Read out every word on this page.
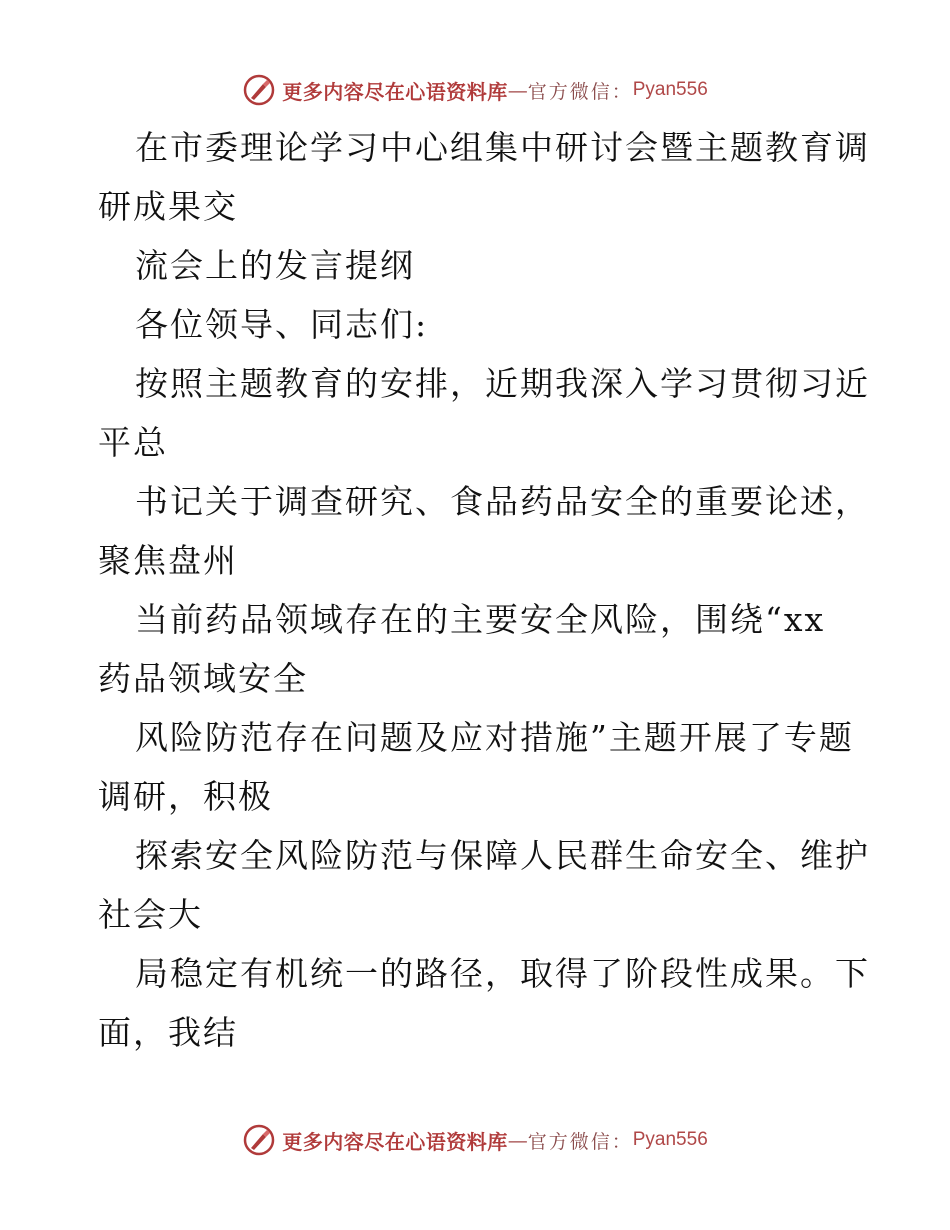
更多内容尽在心语资料库 — 官方微信： Pyan556
在市委理论学习中心组集中研讨会暨主题教育调
研成果交
流会上的发言提纲
各位领导、同志们:
按照主题教育的安排，近期我深入学习贯彻习近
平总
书记关于调查研究、食品药品安全的重要论述，
聚焦盘州
当前药品领域存在的主要安全风险，围绕“xx
药品领域安全
风险防范存在问题及应对措施”主题开展了专题
调研，积极
探索安全风险防范与保障人民群生命安全、维护
社会大
局稳定有机统一的路径，取得了阶段性成果。下
面，我结
更多内容尽在心语资料库 — 官方微信： Pyan556
